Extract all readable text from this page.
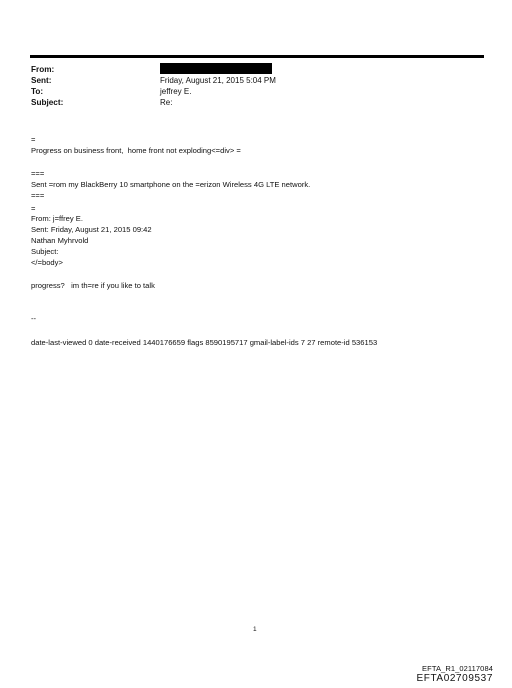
From:
Sent:	Friday, August 21, 2015 5:04 PM
To:	jeffrey E.
Subject:	Re:
=
Progress on business front,  home front not exploding<=div> =
===
Sent =rom my BlackBerry 10 smartphone on the =erizon Wireless 4G LTE network.
===
=
From: j=ffrey E.
Sent: Friday, August 21, 2015 09:42
Nathan Myhrvold
Subject:
</=body>
progress?   im th=re if you like to talk
--
date-last-viewed 0 date-received 1440176659 flags 8590195717 gmail-label-ids 7 27 remote-id 536153
1
EFTA_R1_02117084
EFTA02709537
